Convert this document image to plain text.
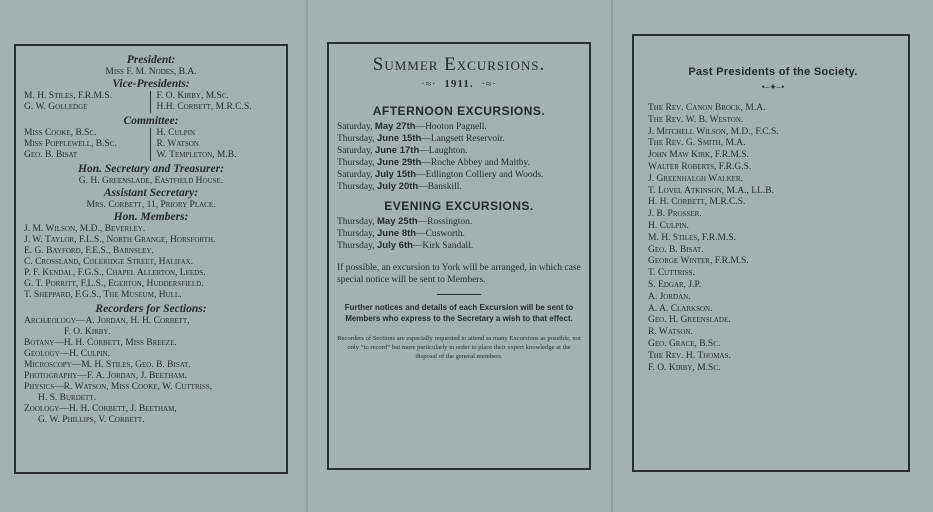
President:
Miss F. M. Nodes, B.A.
Vice-Presidents:
M. H. Stiles, F.R.M.S.
G. W. Golledge
F. O. Kirby, M.Sc.
H.H. Corbett, M.R.C.S.
Committee:
Miss Cooke, B.Sc.
Miss Popplewell, B.Sc.
Geo. B. Bisat
H. Culpin
R. Watson
W. Templeton, M.B.
Hon. Secretary and Treasurer:
G. H. Greenslade, Eastfield House.
Assistant Secretary:
Mrs. Corbett, 11, Priory Place.
Hon. Members:
J. M. Wilson, M.D., Beverley.
J. W. Taylor, F.L.S., North Grange, Horsforth.
E. G. Bayford, F.E.S., Barnsley.
C. Crossland, Coleridge Street, Halifax.
P. F. Kendal, F.G.S., Chapel Allerton, Leeds.
G. T. Porritt, F.L.S., Egerton, Huddersfield.
T. Sheppard, F.G.S., The Museum, Hull.
Recorders for Sections:
Archæology—A. Jordan, H. H. Corbett,
F. O. Kirby.
Botany—H. H. Corbett, Miss Breeze.
Geology—H. Culpin.
Microscopy—M. H. Stiles, Geo. B. Bisat.
Photography—F. A. Jordan, J. Beetham.
Physics—R. Watson, Miss Cooke, W. Cuttriss,
H. S. Burdett.
Zoology—H. H. Corbett, J. Beetham,
G. W. Phillips, V. Corbett.
Summer Excursions.
·≈· 1911. ·≈·
AFTERNOON EXCURSIONS.
Saturday, May 27th—Hooton Pagnell.
Thursday, June 15th—Langsett Reservoir.
Saturday, June 17th—Laughton.
Thursday, June 29th—Roche Abbey and Maltby.
Saturday, July 15th—Edlington Colliery and Woods.
Thursday, July 20th—Banskill.
EVENING EXCURSIONS.
Thursday, May 25th—Rossington.
Thursday, June 8th—Cusworth.
Thursday, July 6th—Kirk Sandall.
If possible, an excursion to York will be arranged, in which case special notice will be sent to Members.
Further notices and details of each Excursion will be sent to Members who express to the Secretary a wish to that effect.
Recorders of Sections are especially requested to attend as many Excursions as possible, not only “to record” but more particularly in order to place their expert knowledge at the disposal of the general members.
Past Presidents of the Society.
•–✦–•
The Rev. Canon Brock, M.A.
The Rev. W. B. Weston.
J. Mitchell Wilson, M.D., F.C.S.
The Rev. G. Smith, M.A.
John Maw Kirk, F.R.M.S.
Walter Roberts, F.R.G.S.
J. Greenhalgh Walker.
T. Lovel Atkinson, M.A., LL.B.
H. H. Corbett, M.R.C.S.
J. B. Prosser.
H. Culpin.
M. H. Stiles, F.R.M.S.
Geo. B. Bisat.
George Winter, F.R.M.S.
T. Cuttriss.
S. Edgar, J.P.
A. Jordan.
A. A. Clarkson.
Geo. H. Greenslade.
R. Watson.
Geo. Grace, B.Sc.
The Rev. H. Thomas.
F. O. Kirby, M.Sc.
